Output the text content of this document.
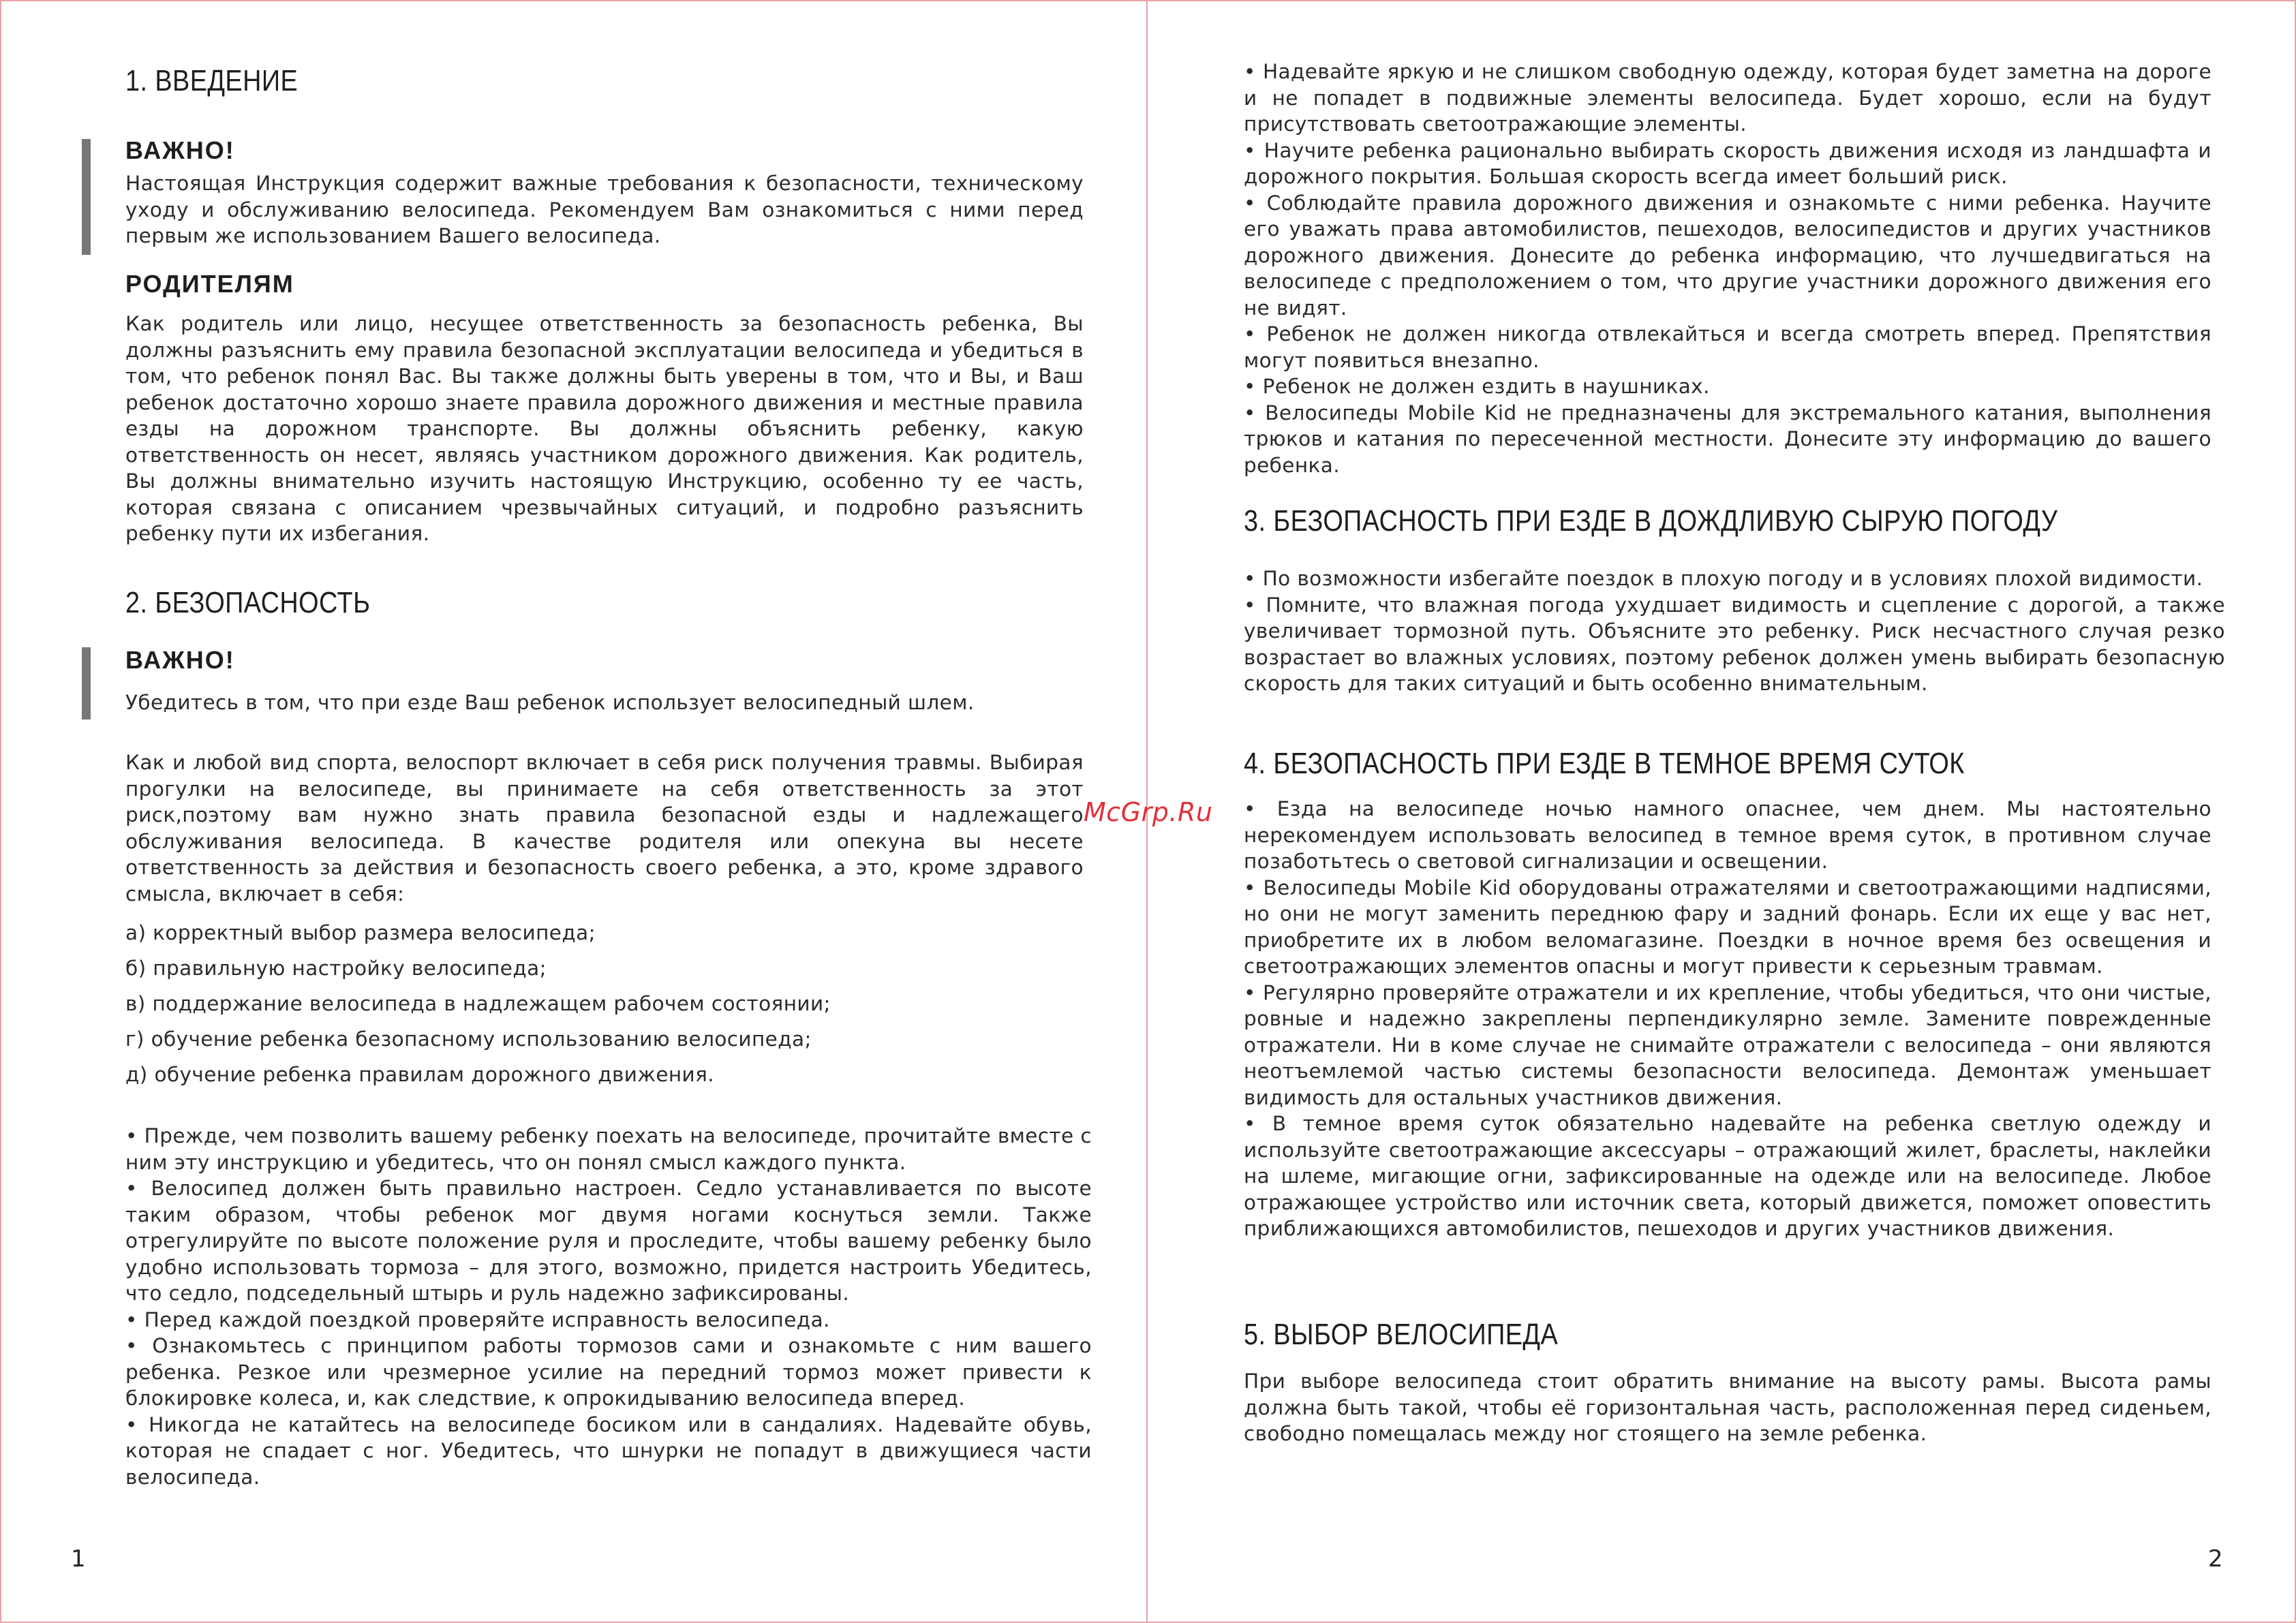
1. ВВЕДЕНИЕ
ВАЖНО!

Настоящая Инструкция содержит важные требования к безопасности, техническому уходу и обслуживанию велосипеда. Рекомендуем Вам ознакомиться с ними перед первым же использованием Вашего велосипеда.

РОДИТЕЛЯМ

Как родитель или лицо, несущее ответственность за безопасность ребенка, Вы должны разъяснить ему правила безопасной эксплуатации велосипеда и убедиться в том, что ребенок понял Вас. Вы также должны быть уверены в том, что и Вы, и Ваш ребенок достаточно хорошо знаете правила дорожного движения и местные правила езды на дорожном транспорте. Вы должны объяснить ребенку, какую ответственность он несет, являясь участником дорожного движения. Как родитель, Вы должны внимательно изучить настоящую Инструкцию, особенно ту ее часть, которая связана с описанием чрезвычайных ситуаций, и подробно разъяснить ребенку пути их избегания.

2. БЕЗОПАСНОСТЬ
ВАЖНО!

Убедитесь в том, что при езде Ваш ребенок использует велосипедный шлем.

Как и любой вид спорта, велоспорт включает в себя риск получения травмы. Выбирая прогулки на велосипеде, вы принимаете на себя ответственность за этот риск,поэтому вам нужно знать правила безопасной езды и надлежащего обслуживания велосипеда. В качестве родителя или опекуна вы несете ответственность за действия и безопасность своего ребенка, а это, кроме здравого смысла, включает в себя:

а) корректный выбор размера велосипеда;

б) правильную настройку велосипеда;

в) поддержание велосипеда в надлежащем рабочем состоянии;

г) обучение ребенка безопасному использованию велосипеда;

д) обучение ребенка правилам дорожного движения.

• Прежде, чем позволить вашему ребенку поехать на велосипеде, прочитайте вместе с ним эту инструкцию и убедитесь, что он понял смысл каждого пункта.

• Велосипед должен быть правильно настроен. Седло устанавливается по высоте таким образом, чтобы ребенок мог двумя ногами коснуться земли. Также отрегулируйте по высоте положение руля и проследите, чтобы вашему ребенку было удобно использовать тормоза – для этого, возможно, придется настроить Убедитесь, что седло, подседельный штырь и руль надежно зафиксированы.

• Перед каждой поездкой проверяйте исправность велосипеда.

• Ознакомьтесь с принципом работы тормозов сами и ознакомьте с ним вашего ребенка. Резкое или чрезмерное усилие на передний тормоз может привести к блокировке колеса, и, как следствие, к опрокидыванию велосипеда вперед.

• Никогда не катайтесь на велосипеде босиком или в сандалиях. Надевайте обувь, которая не спадает с ног. Убедитесь, что шнурки не попадут в движущиеся части велосипеда.

McGrp.Ru

• Надевайте яркую и не слишком свободную одежду, которая будет заметна на дороге и не попадет в подвижные элементы велосипеда. Будет хорошо, если на будут присутствовать светоотражающие элементы.

• Научите ребенка рационально выбирать скорость движения исходя из ландшафта и дорожного покрытия. Большая скорость всегда имеет больший риск.

• Соблюдайте правила дорожного движения и ознакомьте с ними ребенка. Научите его уважать права автомобилистов, пешеходов, велосипедистов и других участников дорожного движения. Донесите до ребенка информацию, что лучшедвигаться на велосипеде с предположением о том, что другие участники дорожного движения его не видят.

• Ребенок не должен никогда отвлекайться и всегда смотреть вперед. Препятствия могут появиться внезапно.

• Ребенок не должен ездить в наушниках.

• Велосипеды Mobile Kid не предназначены для экстремального катания, выполнения трюков и катания по пересеченной местности. Донесите эту информацию до вашего ребенка.

3. БЕЗОПАСНОСТЬ ПРИ ЕЗДЕ В ДОЖДЛИВУЮ СЫРУЮ ПОГОДУ

• По возможности избегайте поездок в плохую погоду и в условиях плохой видимости.

• Помните, что влажная погода ухудшает видимость и сцепление с дорогой, а также увеличивает тормозной путь. Объясните это ребенку. Риск несчастного случая резко возрастает во влажных условиях, поэтому ребенок должен умень выбирать безопасную скорость для таких ситуаций и быть особенно внимательным.

4. БЕЗОПАСНОСТЬ ПРИ ЕЗДЕ В ТЕМНОЕ ВРЕМЯ СУТОК

• Езда на велосипеде ночью намного опаснее, чем днем. Мы настоятельно нерекомендуем использовать велосипед в темное время суток, в противном случае позаботьтесь о световой сигнализации и освещении.

• Велосипеды Mobile Kid оборудованы отражателями и светоотражающими надписями, но они не могут заменить переднюю фару и задний фонарь. Если их еще у вас нет, приобретите их в любом веломагазине. Поездки в ночное время без освещения и светоотражающих элементов опасны и могут привести к серьезным травмам.

• Регулярно проверяйте отражатели и их крепление, чтобы убедиться, что они чистые, ровные и надежно закреплены перпендикулярно земле. Замените поврежденные отражатели. Ни в коме случае не снимайте отражатели с велосипеда – они являются неотъемлемой частью системы безопасности велосипеда. Демонтаж уменьшает видимость для остальных участников движения.

• В темное время суток обязательно надевайте на ребенка светлую одежду и используйте светоотражающие аксессуары – отражающий жилет, браслеты, наклейки на шлеме, мигающие огни, зафиксированные на одежде или на велосипеде. Любое отражающее устройство или источник света, который движется, поможет оповестить приближающихся автомобилистов, пешеходов и других участников движения.

5. ВЫБОР ВЕЛОСИПЕДА

При выборе велосипеда стоит обратить внимание на высоту рамы. Высота рамы должна быть такой, чтобы её горизонтальная часть, расположенная перед сиденьем, свободно помещалась между ног стоящего на земле ребенка.

1	2
